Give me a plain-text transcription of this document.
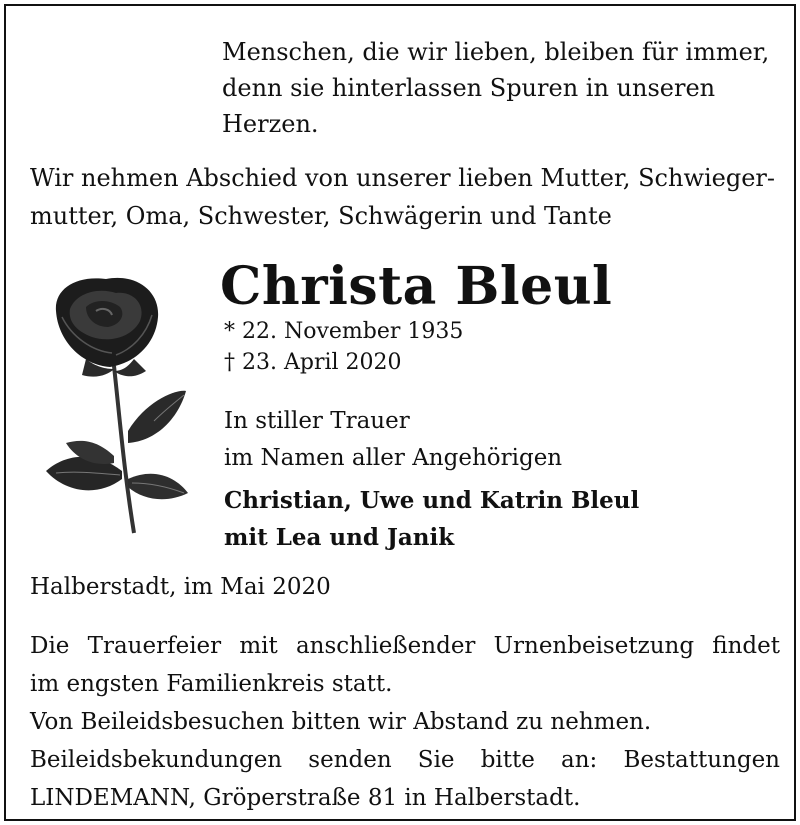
Menschen, die wir lieben, bleiben für immer,
denn sie hinterlassen Spuren in unseren
Herzen.
Wir nehmen Abschied von unserer lieben Mutter, Schwieger-
mutter, Oma, Schwester, Schwägerin und Tante
Christa Bleul
* 22. November 1935
† 23. April 2020
In stiller Trauer
im Namen aller Angehörigen
Christian, Uwe und Katrin Bleul
mit Lea und Janik
Halberstadt, im Mai 2020
Die Trauerfeier mit anschließender Urnenbeisetzung findet
im engsten Familienkreis statt.
Von Beileidsbesuchen bitten wir Abstand zu nehmen.
Beileidsbekundungen senden Sie bitte an: Bestattungen
LINDEMANN, Gröperstraße 81 in Halberstadt.
